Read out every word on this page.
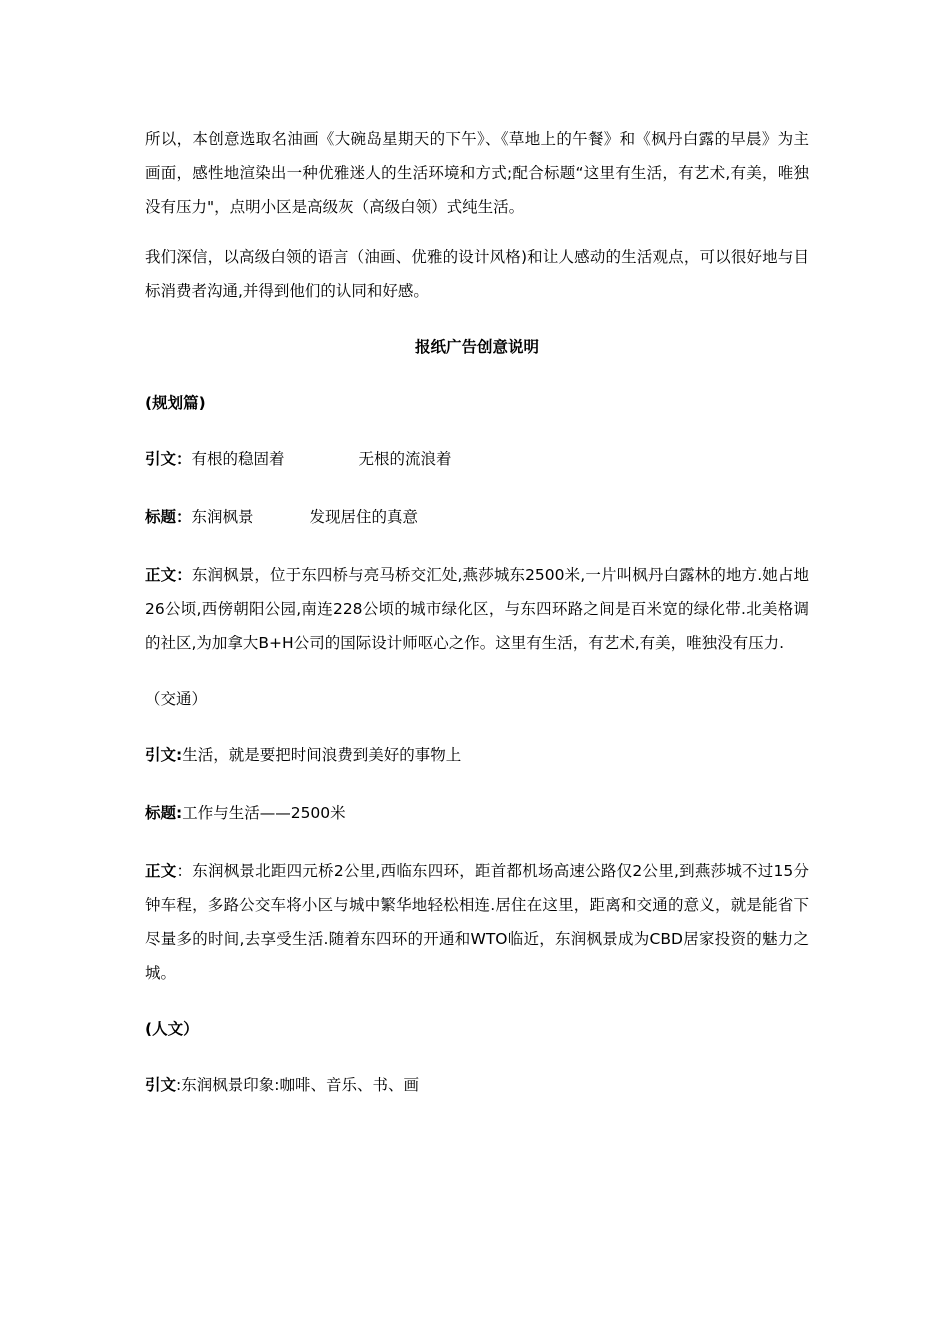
所以，本创意选取名油画《大碗岛星期天的下午》、《草地上的午餐》和《枫丹白露的早晨》为主画面，感性地渲染出一种优雅迷人的生活环境和方式;配合标题“这里有生活，有艺术,有美，唯独没有压力"，点明小区是高级灰（高级白领）式纯生活。

我们深信，以高级白领的语言（油画、优雅的设计风格)和让人感动的生活观点，可以很好地与目标消费者沟通,并得到他们的认同和好感。

报纸广告创意说明

(规划篇)

引文：有根的稳固着	无根的流浪着

标题：东润枫景	发现居住的真意

正文：东润枫景，位于东四桥与亮马桥交汇处,燕莎城东2500米,一片叫枫丹白露林的地方.她占地26公顷,西傍朝阳公园,南连228公顷的城市绿化区，与东四环路之间是百米宽的绿化带.北美格调的社区,为加拿大B+H公司的国际设计师呕心之作。这里有生活，有艺术,有美，唯独没有压力.

（交通）

引文:生活，就是要把时间浪费到美好的事物上

标题:工作与生活——2500米

正文：东润枫景北距四元桥2公里,西临东四环，距首都机场高速公路仅2公里,到燕莎城不过15分钟车程，多路公交车将小区与城中繁华地轻松相连.居住在这里，距离和交通的意义，就是能省下尽量多的时间,去享受生活.随着东四环的开通和WTO临近，东润枫景成为CBD居家投资的魅力之城。

(人文）

引文:东润枫景印象:咖啡、音乐、书、画
